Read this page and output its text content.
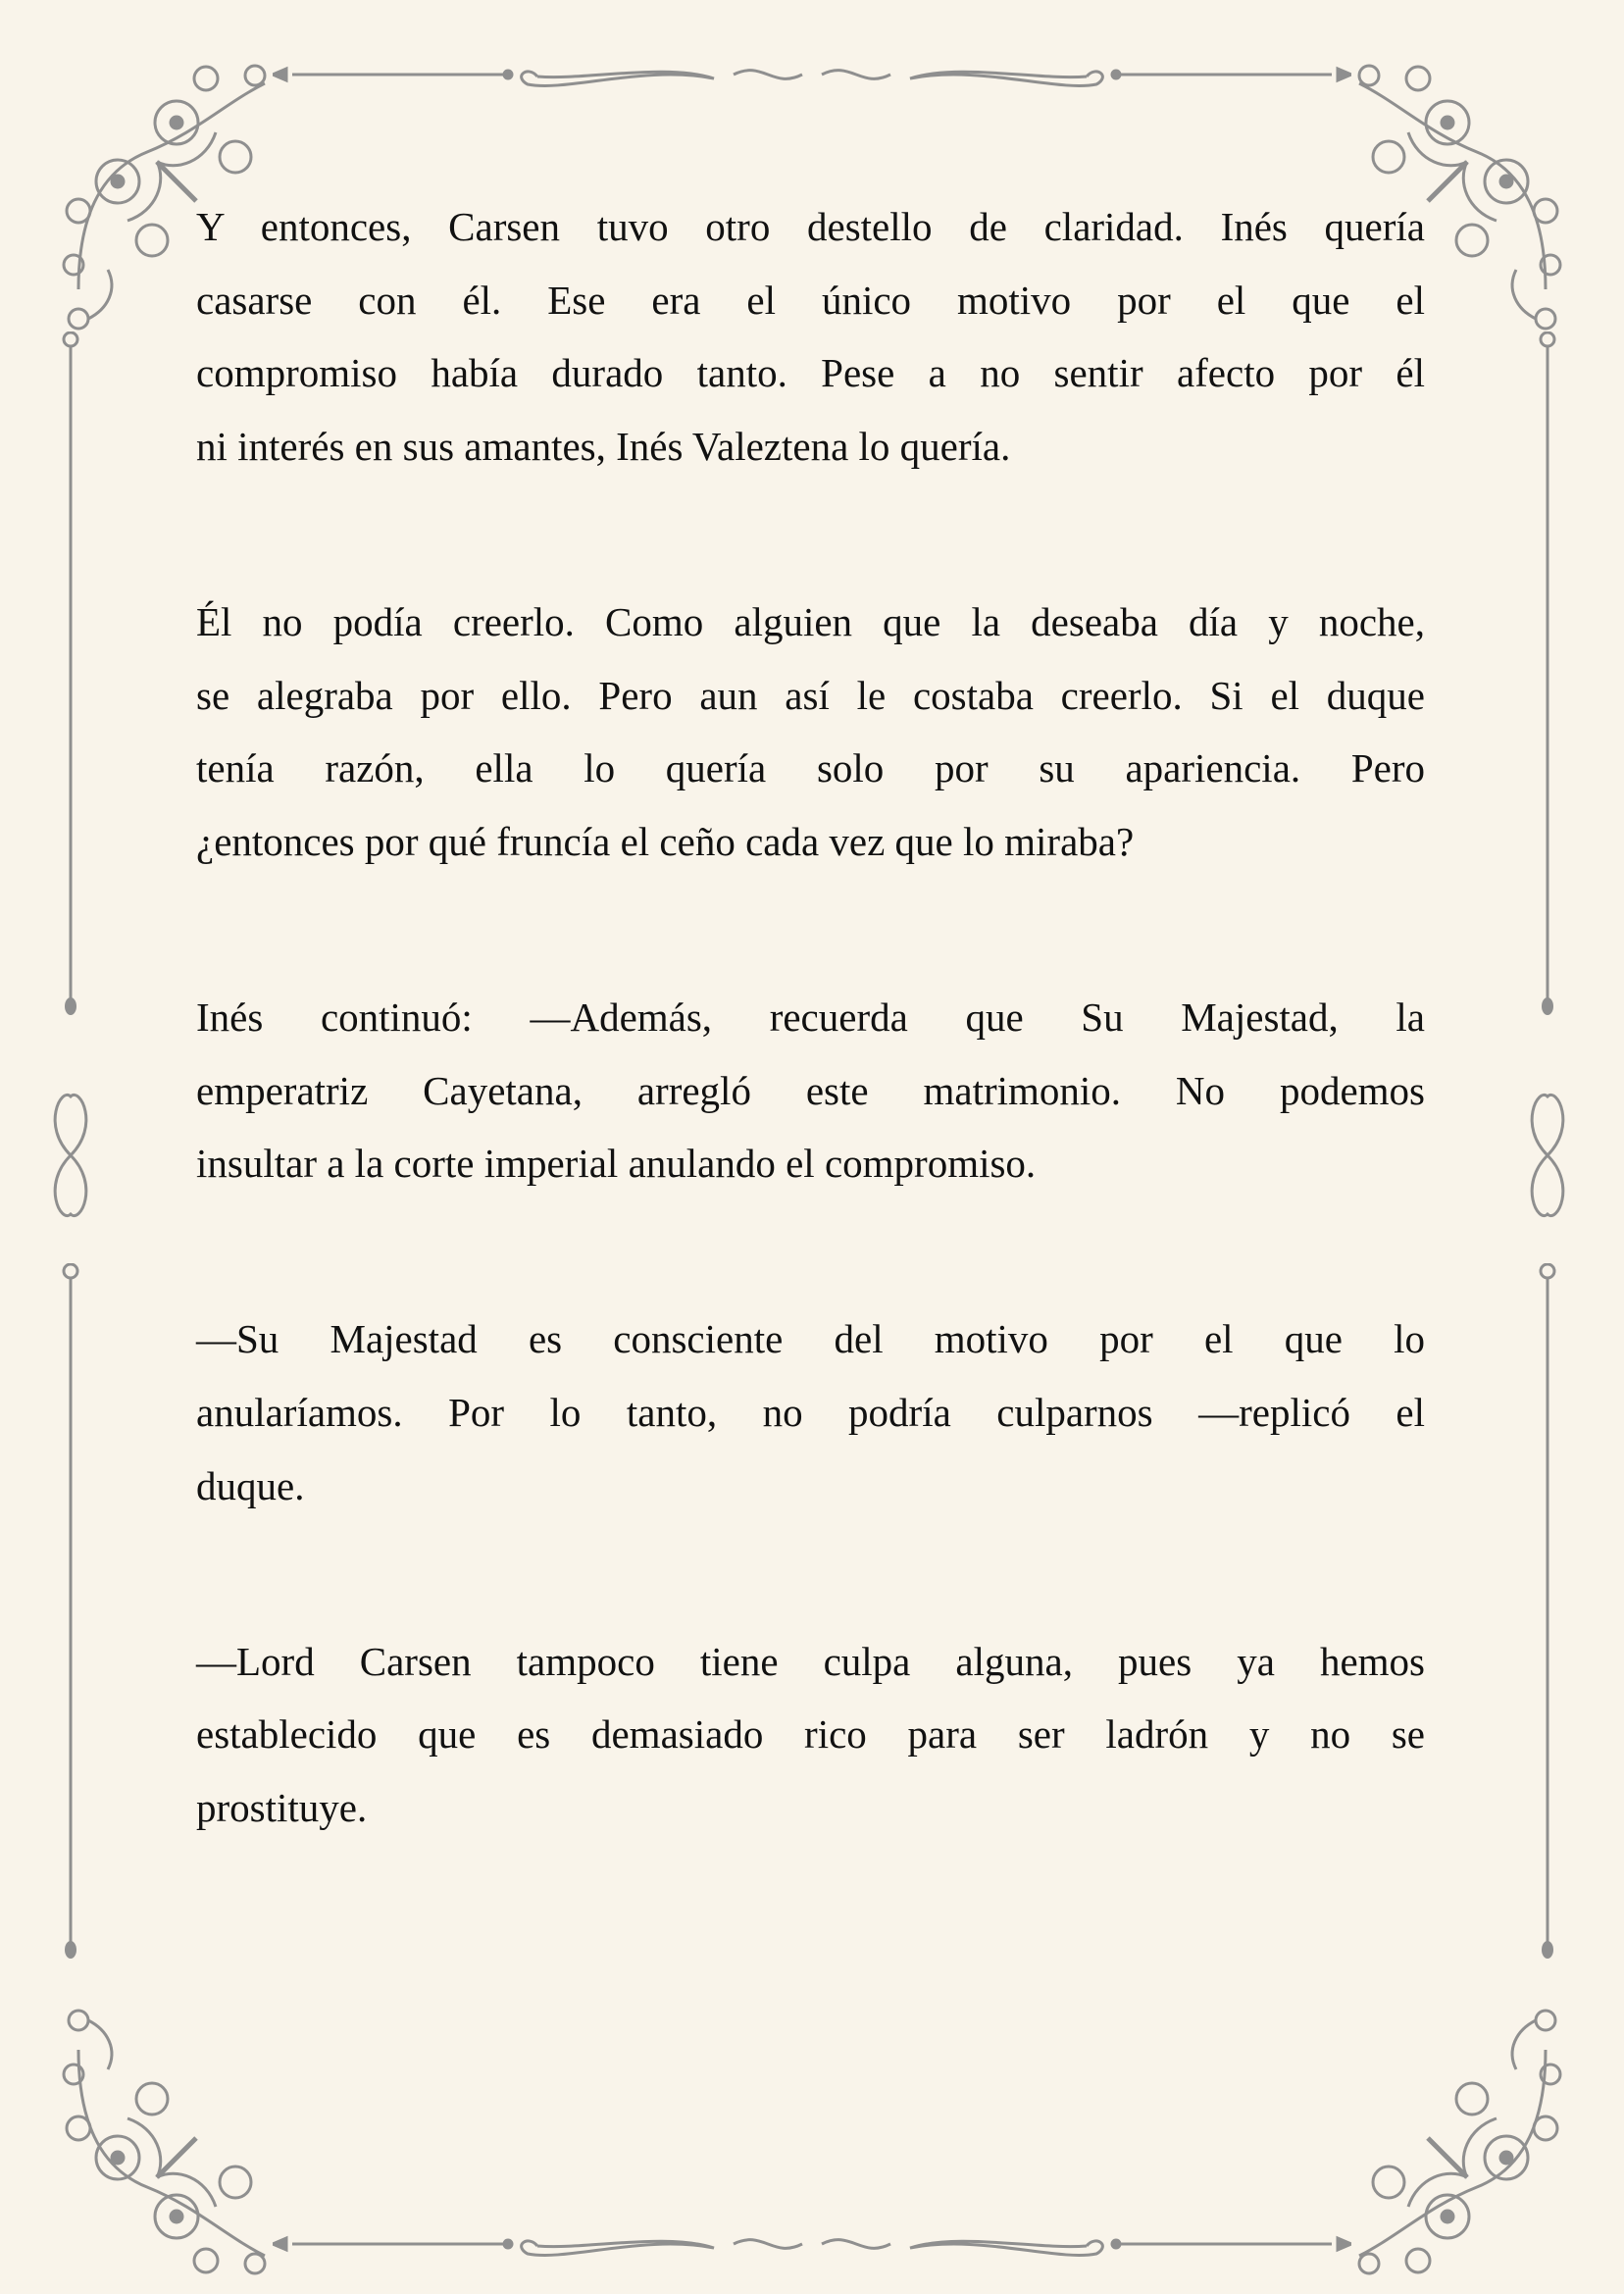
Y entonces, Carsen tuvo otro destello de claridad. Inés quería
casarse con él. Ese era el único motivo por el que el
compromiso había durado tanto. Pese a no sentir afecto por él
ni interés en sus amantes, Inés Valeztena lo quería.
Él no podía creerlo. Como alguien que la deseaba día y noche,
se alegraba por ello. Pero aun así le costaba creerlo. Si el duque
tenía razón, ella lo quería solo por su apariencia. Pero
¿entonces por qué fruncía el ceño cada vez que lo miraba?
Inés continuó: —Además, recuerda que Su Majestad, la
emperatriz Cayetana, arregló este matrimonio. No podemos
insultar a la corte imperial anulando el compromiso.
—Su Majestad es consciente del motivo por el que lo
anularíamos. Por lo tanto, no podría culparnos —replicó el
duque.
—Lord Carsen tampoco tiene culpa alguna, pues ya hemos
establecido que es demasiado rico para ser ladrón y no se
prostituye.
